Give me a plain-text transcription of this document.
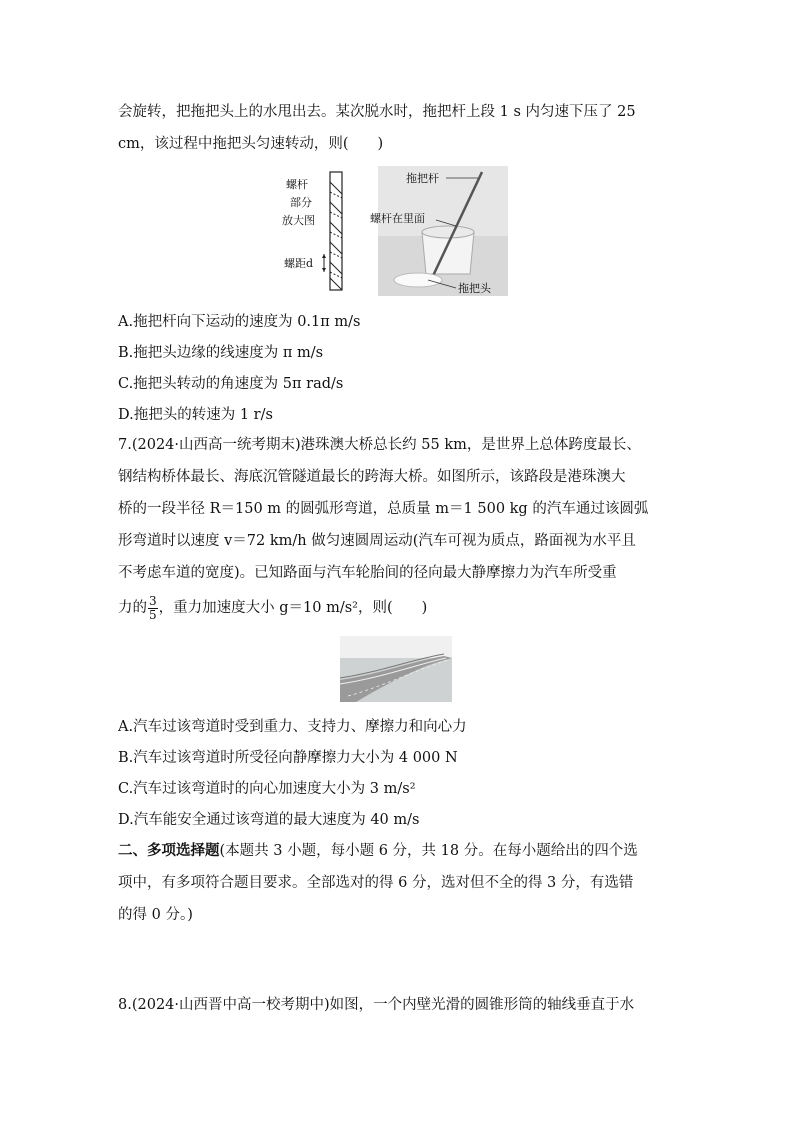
会旋转，把拖把头上的水甩出去。某次脱水时，拖把杆上段 1 s 内匀速下压了 25
cm，该过程中拖把头匀速转动，则(　　)
螺杆
部分
放大图
螺距d
拖把杆
螺杆在里面
拖把头
A.拖把杆向下运动的速度为 0.1π m/s
B.拖把头边缘的线速度为 π m/s
C.拖把头转动的角速度为 5π rad/s
D.拖把头的转速为 1 r/s
7.(2024·山西高一统考期末)港珠澳大桥总长约 55 km，是世界上总体跨度最长、
钢结构桥体最长、海底沉管隧道最长的跨海大桥。如图所示，该路段是港珠澳大
桥的一段半径 R＝150 m 的圆弧形弯道，总质量 m＝1 500 kg 的汽车通过该圆弧
形弯道时以速度 v＝72 km/h 做匀速圆周运动(汽车可视为质点，路面视为水平且
不考虑车道的宽度)。已知路面与汽车轮胎间的径向最大静摩擦力为汽车所受重
力的 $\frac{3}{5}$ ，重力加速度大小 g＝10 m/s²，则(　　)
A.汽车过该弯道时受到重力、支持力、摩擦力和向心力
B.汽车过该弯道时所受径向静摩擦力大小为 4 000 N
C.汽车过该弯道时的向心加速度大小为 3 m/s²
D.汽车能安全通过该弯道的最大速度为 40 m/s
二、多项选择题(本题共 3 小题，每小题 6 分，共 18 分。在每小题给出的四个选
项中，有多项符合题目要求。全部选对的得 6 分，选对但不全的得 3 分，有选错
的得 0 分。)
8.(2024·山西晋中高一校考期中)如图，一个内壁光滑的圆锥形筒的轴线垂直于水
